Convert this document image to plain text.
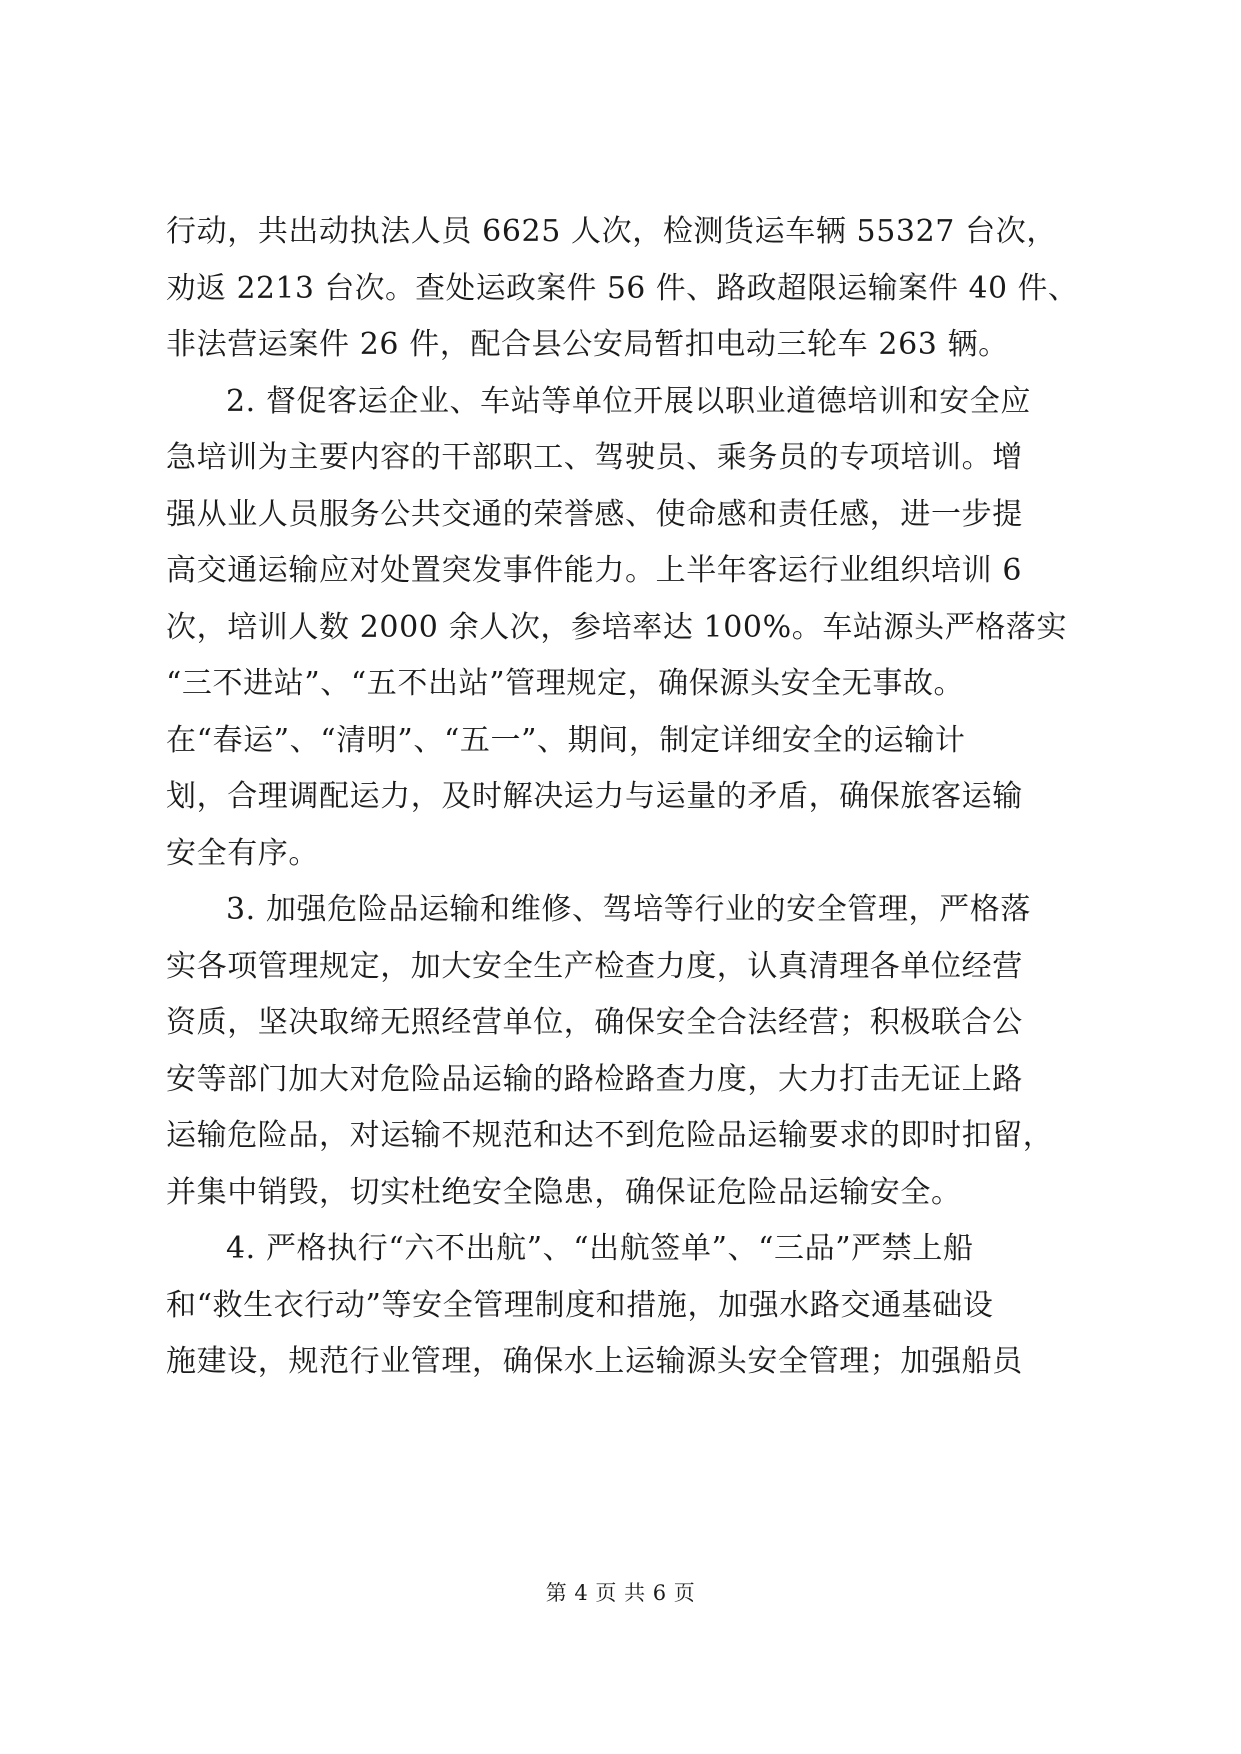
行动，共出动执法人员 6625 人次，检测货运车辆 55327 台次，
劝返 2213 台次。查处运政案件 56 件、路政超限运输案件 40 件、
非法营运案件 26 件，配合县公安局暂扣电动三轮车 263 辆。
2. 督促客运企业、车站等单位开展以职业道德培训和安全应
急培训为主要内容的干部职工、驾驶员、乘务员的专项培训。增
强从业人员服务公共交通的荣誉感、使命感和责任感，进一步提
高交通运输应对处置突发事件能力。上半年客运行业组织培训 6
次，培训人数 2000 余人次，参培率达 100%。车站源头严格落实
“三不进站”、“五不出站”管理规定，确保源头安全无事故。
在“春运”、“清明”、“五一”、期间，制定详细安全的运输计
划，合理调配运力，及时解决运力与运量的矛盾，确保旅客运输
安全有序。
3. 加强危险品运输和维修、驾培等行业的安全管理，严格落
实各项管理规定，加大安全生产检查力度，认真清理各单位经营
资质，坚决取缔无照经营单位，确保安全合法经营；积极联合公
安等部门加大对危险品运输的路检路查力度，大力打击无证上路
运输危险品，对运输不规范和达不到危险品运输要求的即时扣留，
并集中销毁，切实杜绝安全隐患，确保证危险品运输安全。
4. 严格执行“六不出航”、“出航签单”、“三品”严禁上船
和“救生衣行动”等安全管理制度和措施，加强水路交通基础设
施建设，规范行业管理，确保水上运输源头安全管理；加强船员
第 4 页 共 6 页
